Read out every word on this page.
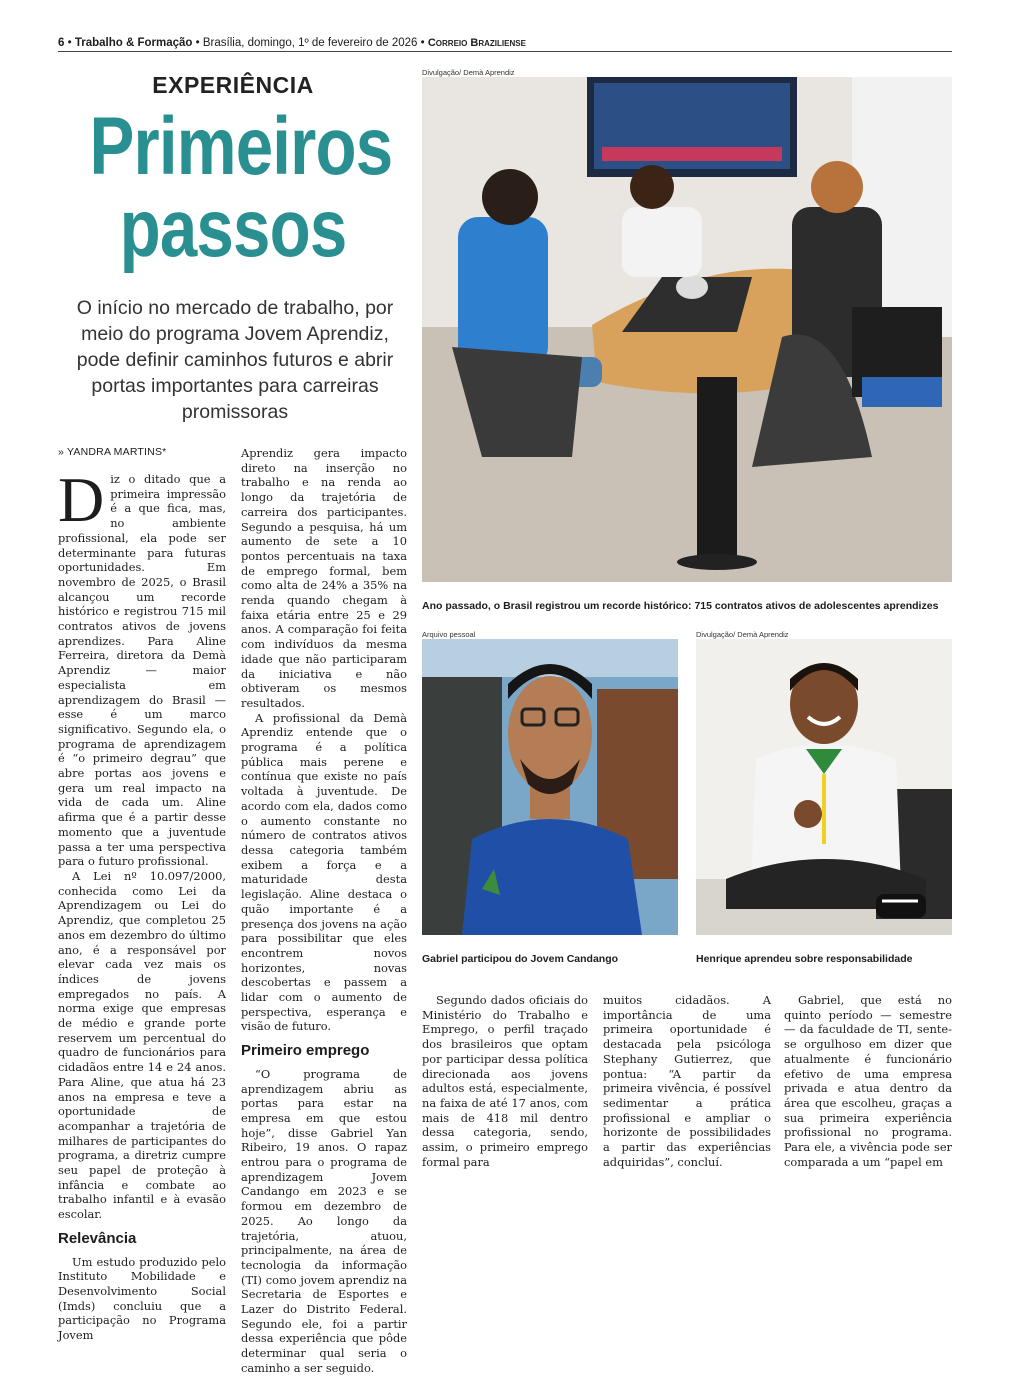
6 • Trabalho & Formação • Brasília, domingo, 1º de fevereiro de 2026 • Correio Braziliense
EXPERIÊNCIA
Primeiros
passos
O início no mercado de trabalho, por meio do programa Jovem Aprendiz, pode definir caminhos futuros e abrir portas importantes para carreiras promissoras
» YANDRA MARTINS*

Diz o ditado que a primeira impressão é a que fica, mas, no ambiente profissional, ela pode ser determinante para futuras oportunidades. Em novembro de 2025, o Brasil alcançou um recorde histórico e registrou 715 mil contratos ativos de jovens aprendizes. Para Aline Ferreira, diretora da Demà Aprendiz — maior especialista em aprendizagem do Brasil — esse é um marco significativo. Segundo ela, o programa de aprendizagem é “o primeiro degrau” que abre portas aos jovens e gera um real impacto na vida de cada um. Aline afirma que é a partir desse momento que a juventude passa a ter uma perspectiva para o futuro profissional.

A Lei nº 10.097/2000, conhecida como Lei da Aprendizagem ou Lei do Aprendiz, que completou 25 anos em dezembro do último ano, é a responsável por elevar cada vez mais os índices de jovens empregados no país. A norma exige que empresas de médio e grande porte reservem um percentual do quadro de funcionários para cidadãos entre 14 e 24 anos. Para Aline, que atua há 23 anos na empresa e teve a oportunidade de acompanhar a trajetória de milhares de participantes do programa, a diretriz cumpre seu papel de proteção à infância e combate ao trabalho infantil e à evasão escolar.

Relevância

Um estudo produzido pelo Instituto Mobilidade e Desenvolvimento Social (Imds) concluiu que a participação no Programa Jovem

Aprendiz gera impacto direto na inserção no trabalho e na renda ao longo da trajetória de carreira dos participantes. Segundo a pesquisa, há um aumento de sete a 10 pontos percentuais na taxa de emprego formal, bem como alta de 24% a 35% na renda quando chegam à faixa etária entre 25 e 29 anos. A comparação foi feita com indivíduos da mesma idade que não participaram da iniciativa e não obtiveram os mesmos resultados.

A profissional da Demà Aprendiz entende que o programa é a política pública mais perene e contínua que existe no país voltada à juventude. De acordo com ela, dados como o aumento constante no número de contratos ativos dessa categoria também exibem a força e a maturidade desta legislação. Aline destaca o quão importante é a presença dos jovens na ação para possibilitar que eles encontrem novos horizontes, novas descobertas e passem a lidar com o aumento de perspectiva, esperança e visão de futuro.

Primeiro emprego

“O programa de aprendizagem abriu as portas para estar na empresa em que estou hoje”, disse Gabriel Yan Ribeiro, 19 anos. O rapaz entrou para o programa de aprendizagem Jovem Candango em 2023 e se formou em dezembro de 2025. Ao longo da trajetória, atuou, principalmente, na área de tecnologia da informação (TI) como jovem aprendiz na Secretaria de Esportes e Lazer do Distrito Federal. Segundo ele, foi a partir dessa experiência que pôde determinar qual seria o caminho a ser seguido.

Divulgação/ Demà Aprendiz
Ano passado, o Brasil registrou um recorde histórico: 715 contratos ativos de adolescentes aprendizes
Arquivo pessoal
Gabriel participou do Jovem Candango
Divulgação/ Demà Aprendiz
Henrique aprendeu sobre responsabilidade

Segundo dados oficiais do Ministério do Trabalho e Emprego, o perfil traçado dos brasileiros que optam por participar dessa política direcionada aos jovens adultos está, especialmente, na faixa de até 17 anos, com mais de 418 mil dentro dessa categoria, sendo, assim, o primeiro emprego formal para

muitos cidadãos. A importância de uma primeira oportunidade é destacada pela psicóloga Stephany Gutierrez, que pontua: “A partir da primeira vivência, é possível sedimentar a prática profissional e ampliar o horizonte de possibilidades a partir das experiências adquiridas”, concluí.

Gabriel, que está no quinto período — semestre — da faculdade de TI, sente-se orgulhoso em dizer que atualmente é funcionário efetivo de uma empresa privada e atua dentro da área que escolheu, graças a sua primeira experiência profissional no programa. Para ele, a vivência pode ser comparada a um “papel em
